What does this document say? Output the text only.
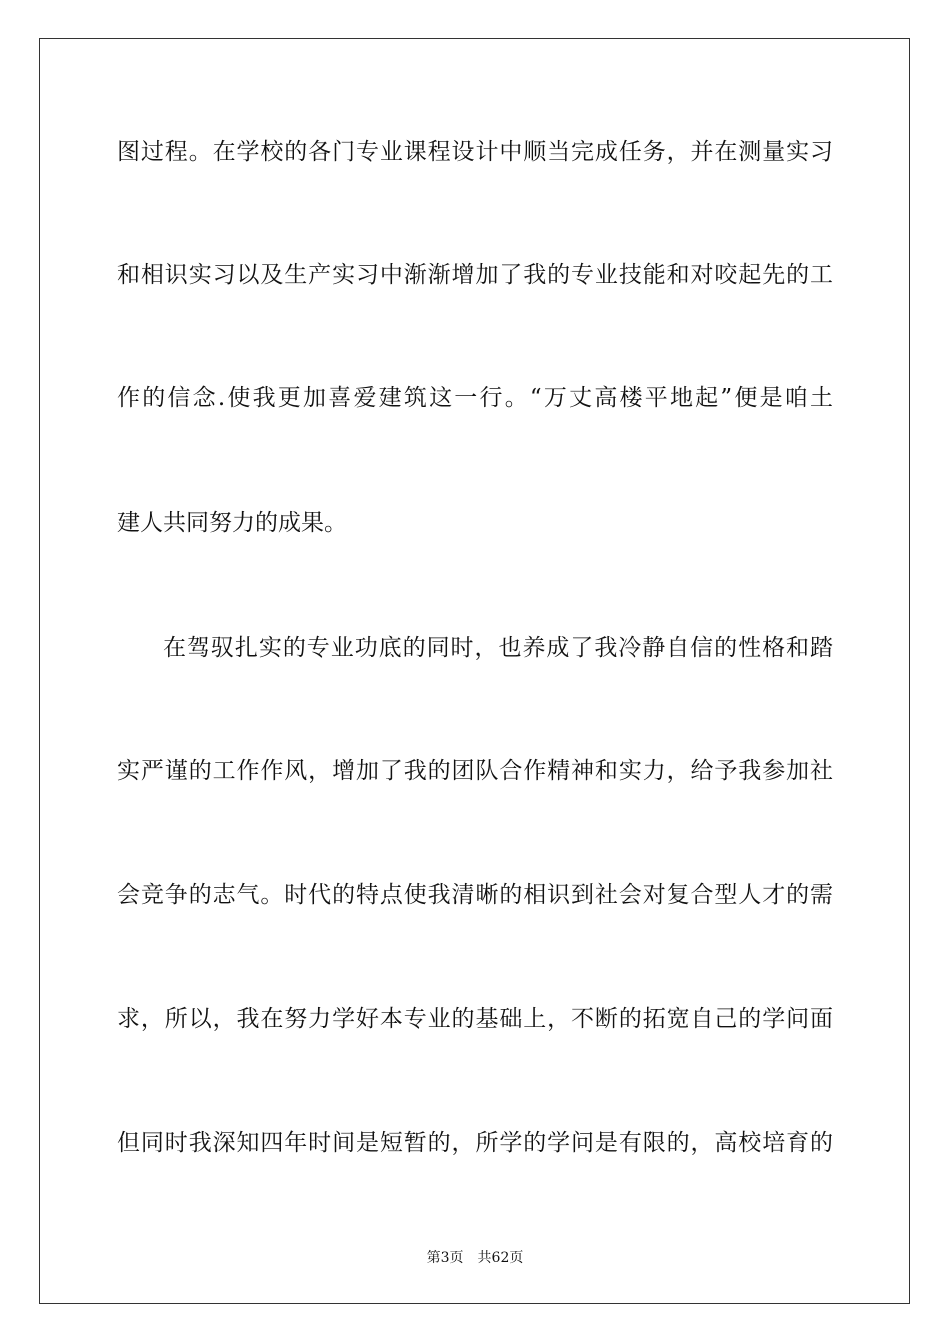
图过程。在学校的各门专业课程设计中顺当完成任务，并在测量实习
和相识实习以及生产实习中渐渐增加了我的专业技能和对咬起先的工
作的信念.使我更加喜爱建筑这一行。“万丈高楼平地起”便是咱土
建人共同努力的成果。
在驾驭扎实的专业功底的同时，也养成了我冷静自信的性格和踏
实严谨的工作作风，增加了我的团队合作精神和实力，给予我参加社
会竞争的志气。时代的特点使我清晰的相识到社会对复合型人才的需
求，所以，我在努力学好本专业的基础上，不断的拓宽自己的学问面
但同时我深知四年时间是短暂的，所学的学问是有限的，高校培育的
第3页 共62页
